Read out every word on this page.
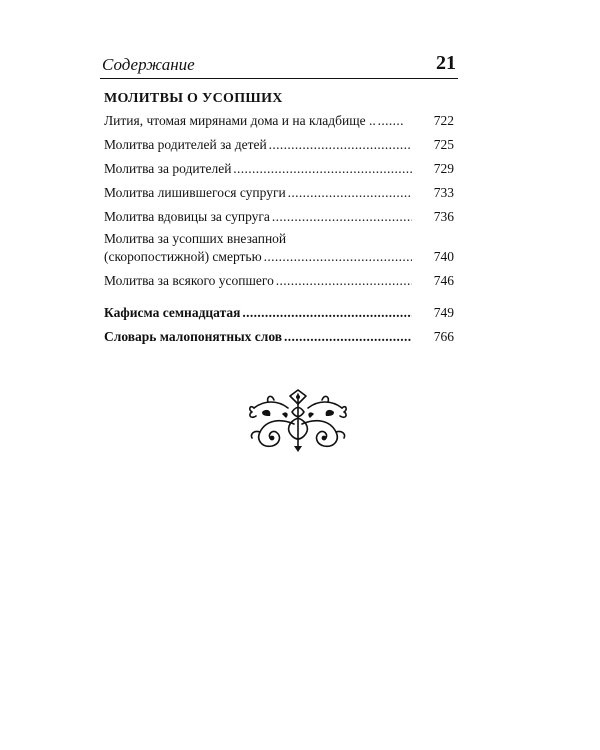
Содержание	21
МОЛИТВЫ О УСОПШИХ
Лития, чтомая мирянами дома и на кладбище .. . . .	722
Молитва родителей за детей . . .	725
Молитва за родителей . . .	729
Молитва лишившегося супруги . . .	733
Молитва вдовицы за супруга . . .	736
Молитва за усопших внезапной
(скоропостижной) смертью . . .	740
Молитва за всякого усопшего . . .	746
Кафисма семнадцатая . . .	749
Словарь малопонятных слов . . .	766
